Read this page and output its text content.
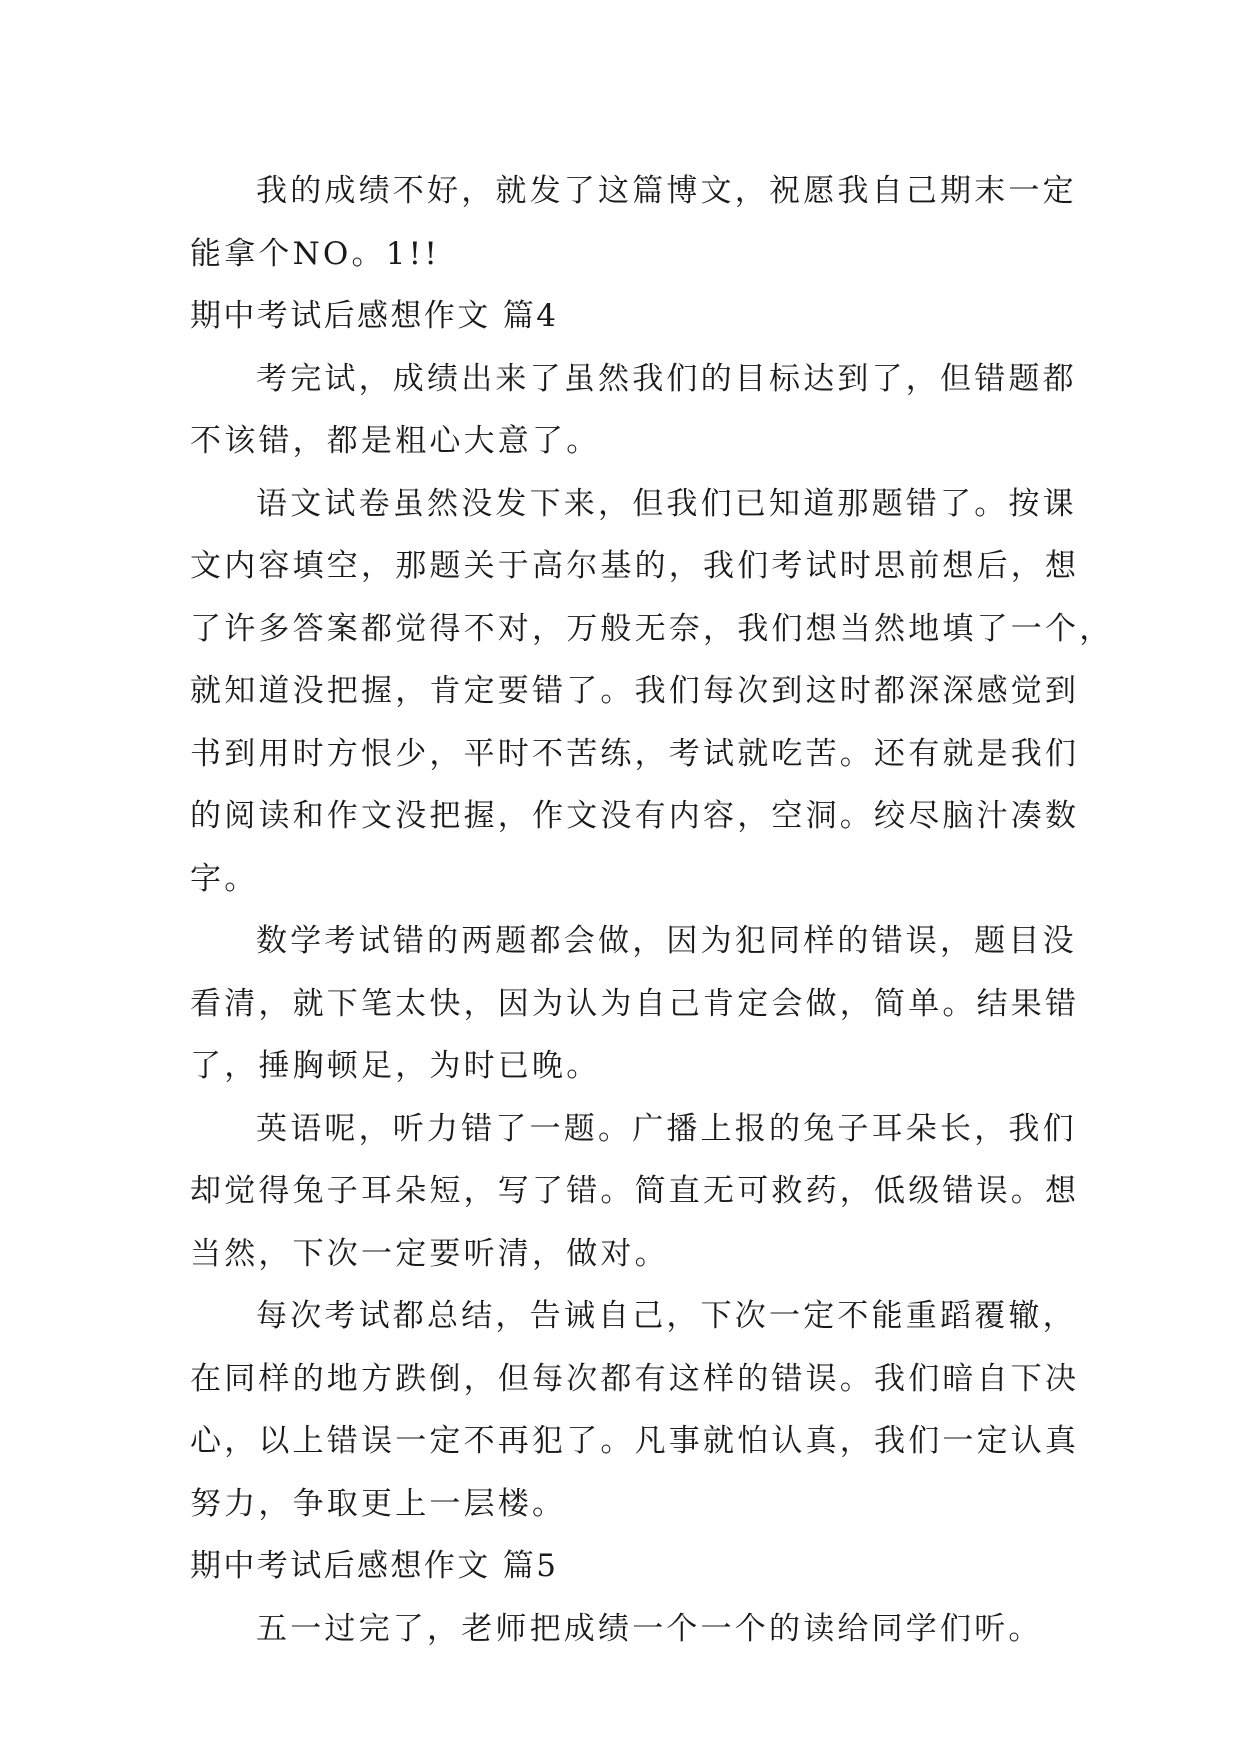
我的成绩不好，就发了这篇博文，祝愿我自己期末一定
能拿个NO。1!!
期中考试后感想作文 篇4
考完试，成绩出来了虽然我们的目标达到了，但错题都
不该错，都是粗心大意了。
语文试卷虽然没发下来，但我们已知道那题错了。按课
文内容填空，那题关于高尔基的，我们考试时思前想后，想
了许多答案都觉得不对，万般无奈，我们想当然地填了一个，
就知道没把握，肯定要错了。我们每次到这时都深深感觉到
书到用时方恨少，平时不苦练，考试就吃苦。还有就是我们
的阅读和作文没把握，作文没有内容，空洞。绞尽脑汁凑数
字。
数学考试错的两题都会做，因为犯同样的错误，题目没
看清，就下笔太快，因为认为自己肯定会做，简单。结果错
了，捶胸顿足，为时已晚。
英语呢，听力错了一题。广播上报的兔子耳朵长，我们
却觉得兔子耳朵短，写了错。简直无可救药，低级错误。想
当然，下次一定要听清，做对。
每次考试都总结，告诫自己，下次一定不能重蹈覆辙，
在同样的地方跌倒，但每次都有这样的错误。我们暗自下决
心，以上错误一定不再犯了。凡事就怕认真，我们一定认真
努力，争取更上一层楼。
期中考试后感想作文 篇5
五一过完了，老师把成绩一个一个的读给同学们听。
